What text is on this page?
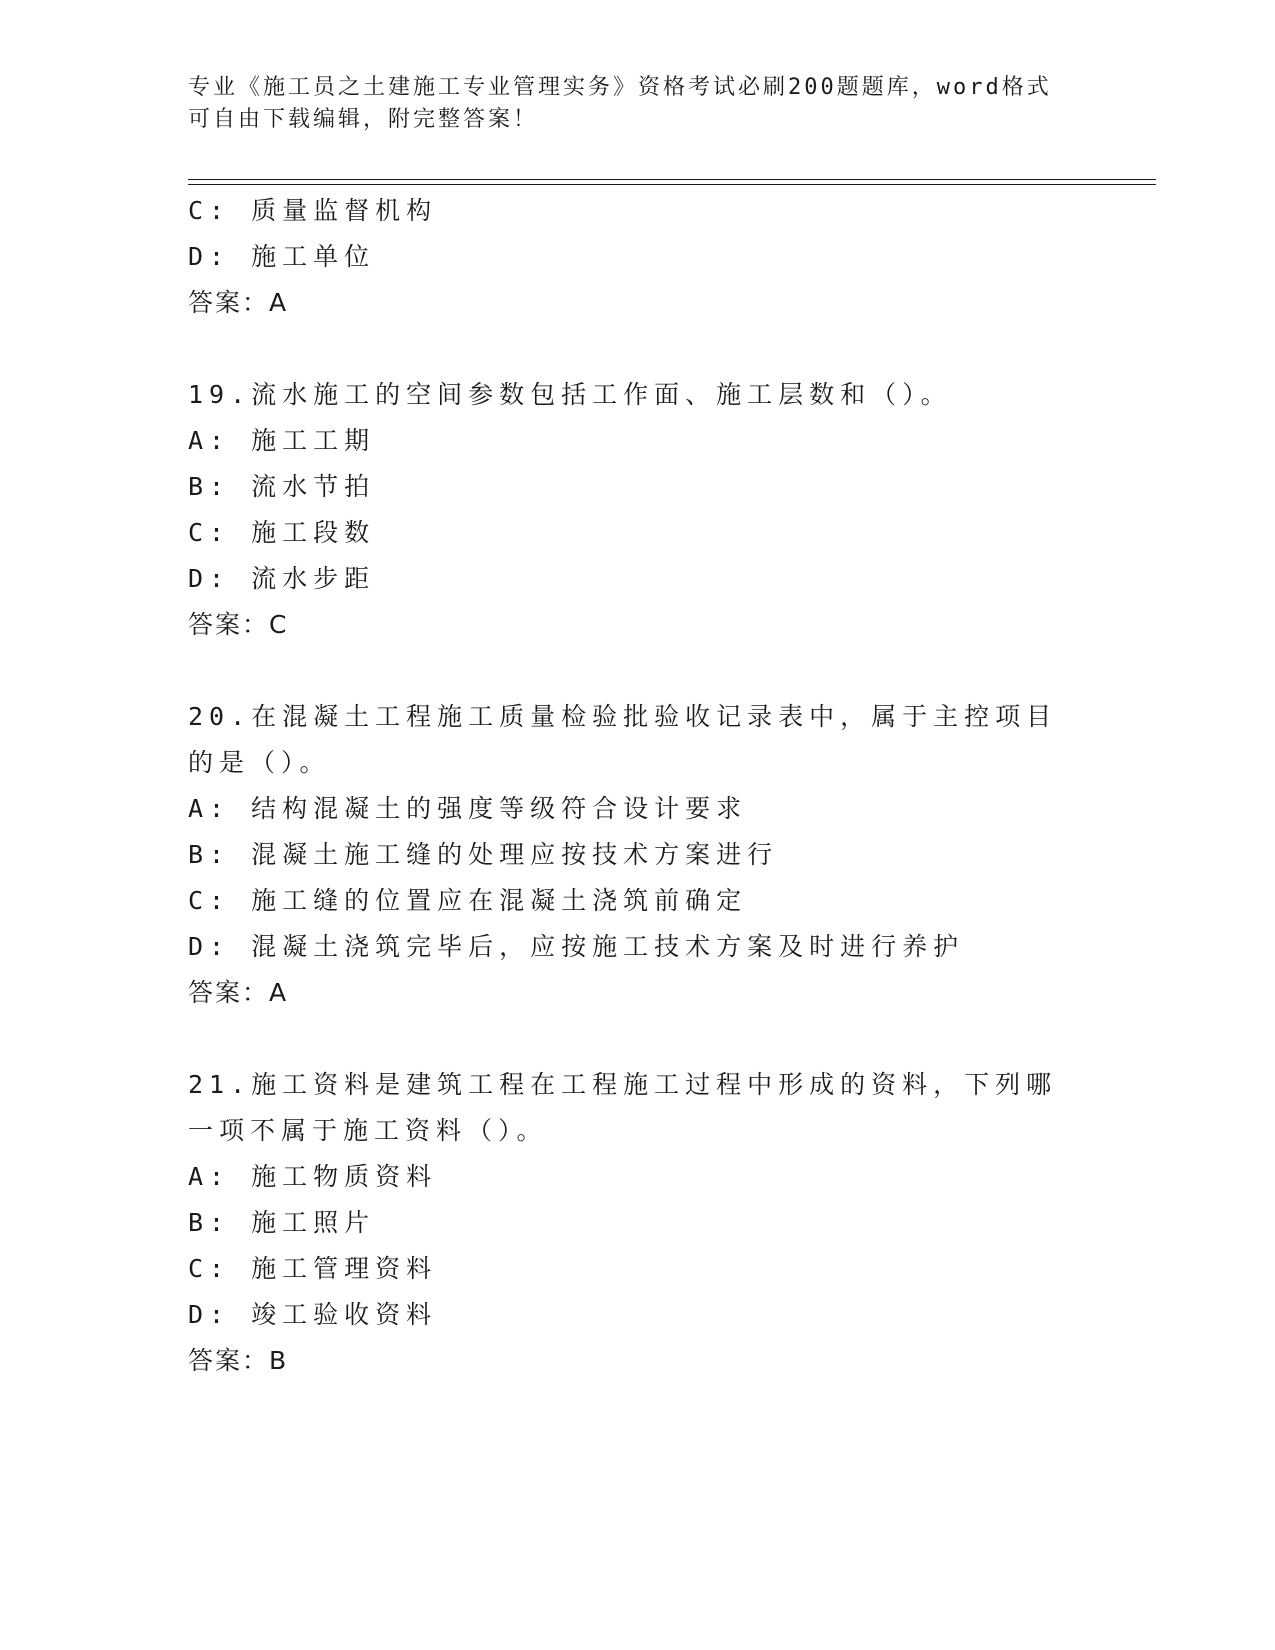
专业《施工员之土建施工专业管理实务》资格考试必刷200题题库，word格式可自由下载编辑，附完整答案！
C: 质量监督机构
D: 施工单位
答案：A
19.流水施工的空间参数包括工作面、施工层数和（）。
A: 施工工期
B: 流水节拍
C: 施工段数
D: 流水步距
答案：C
20.在混凝土工程施工质量检验批验收记录表中，属于主控项目的是（）。
A: 结构混凝土的强度等级符合设计要求
B: 混凝土施工缝的处理应按技术方案进行
C: 施工缝的位置应在混凝土浇筑前确定
D: 混凝土浇筑完毕后，应按施工技术方案及时进行养护
答案：A
21.施工资料是建筑工程在工程施工过程中形成的资料，下列哪一项不属于施工资料（）。
A: 施工物质资料
B: 施工照片
C: 施工管理资料
D: 竣工验收资料
答案：B
